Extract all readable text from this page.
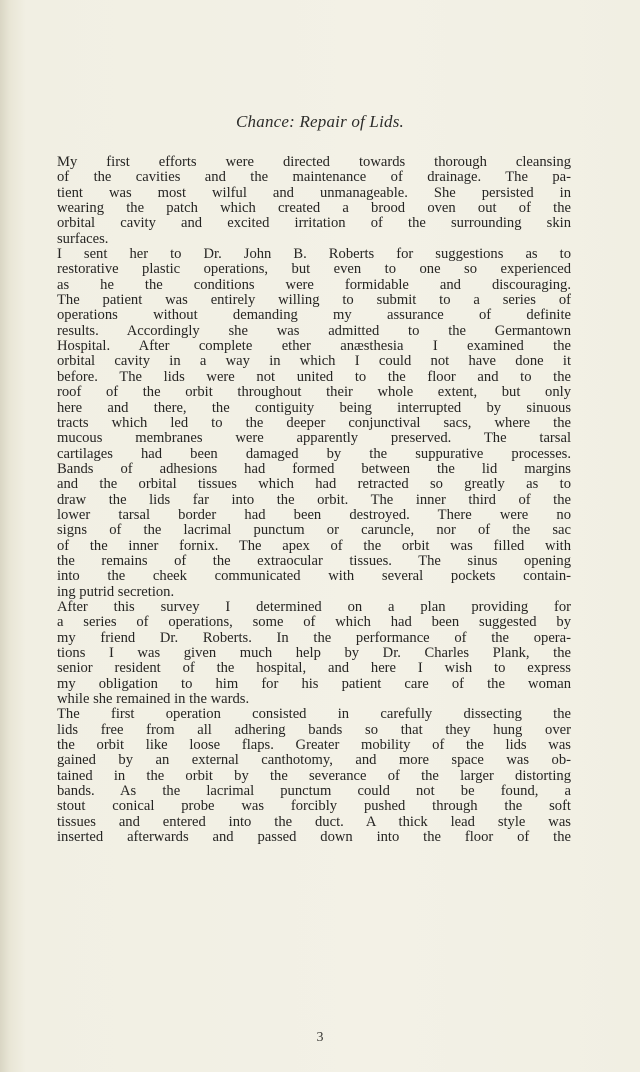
Chance: Repair of Lids.
My first efforts were directed towards thorough cleansing
of the cavities and the maintenance of drainage. The pa-
tient was most wilful and unmanageable. She persisted in
wearing the patch which created a brood oven out of the
orbital cavity and excited irritation of the surrounding skin
surfaces.
I sent her to Dr. John B. Roberts for suggestions as to
restorative plastic operations, but even to one so experienced
as he the conditions were formidable and discouraging.
The patient was entirely willing to submit to a series of
operations without demanding my assurance of definite
results. Accordingly she was admitted to the Germantown
Hospital. After complete ether anæsthesia I examined the
orbital cavity in a way in which I could not have done it
before. The lids were not united to the floor and to the
roof of the orbit throughout their whole extent, but only
here and there, the contiguity being interrupted by sinuous
tracts which led to the deeper conjunctival sacs, where the
mucous membranes were apparently preserved. The tarsal
cartilages had been damaged by the suppurative processes.
Bands of adhesions had formed between the lid margins
and the orbital tissues which had retracted so greatly as to
draw the lids far into the orbit. The inner third of the
lower tarsal border had been destroyed. There were no
signs of the lacrimal punctum or caruncle, nor of the sac
of the inner fornix. The apex of the orbit was filled with
the remains of the extraocular tissues. The sinus opening
into the cheek communicated with several pockets contain-
ing putrid secretion.
After this survey I determined on a plan providing for
a series of operations, some of which had been suggested by
my friend Dr. Roberts. In the performance of the opera-
tions I was given much help by Dr. Charles Plank, the
senior resident of the hospital, and here I wish to express
my obligation to him for his patient care of the woman
while she remained in the wards.
The first operation consisted in carefully dissecting the
lids free from all adhering bands so that they hung over
the orbit like loose flaps. Greater mobility of the lids was
gained by an external canthotomy, and more space was ob-
tained in the orbit by the severance of the larger distorting
bands. As the lacrimal punctum could not be found, a
stout conical probe was forcibly pushed through the soft
tissues and entered into the duct. A thick lead style was
inserted afterwards and passed down into the floor of the
3
